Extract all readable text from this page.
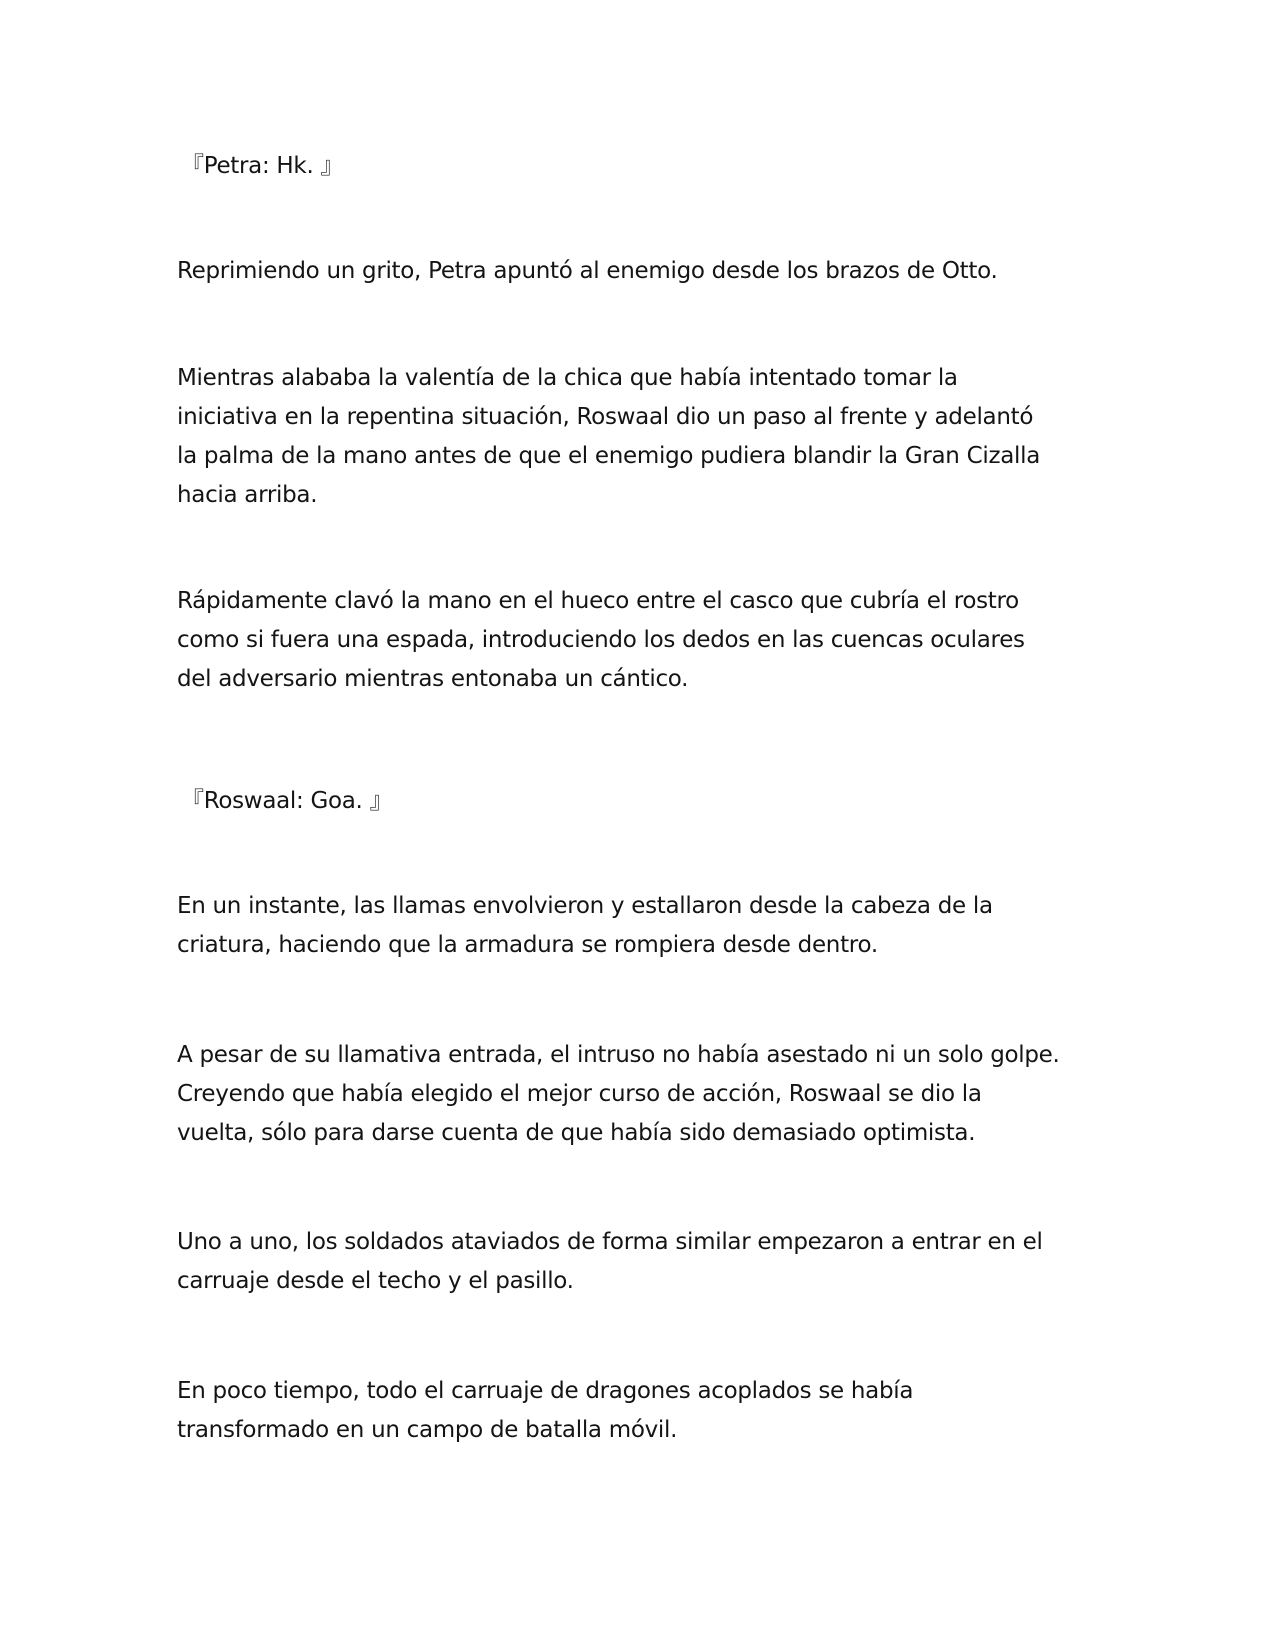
『Petra: Hk. 』

Reprimiendo un grito, Petra apuntó al enemigo desde los brazos de Otto.

Mientras alababa la valentía de la chica que había intentado tomar la
iniciativa en la repentina situación, Roswaal dio un paso al frente y adelantó
la palma de la mano antes de que el enemigo pudiera blandir la Gran Cizalla
hacia arriba.

Rápidamente clavó la mano en el hueco entre el casco que cubría el rostro
como si fuera una espada, introduciendo los dedos en las cuencas oculares
del adversario mientras entonaba un cántico.

『Roswaal: Goa. 』

En un instante, las llamas envolvieron y estallaron desde la cabeza de la
criatura, haciendo que la armadura se rompiera desde dentro.

A pesar de su llamativa entrada, el intruso no había asestado ni un solo golpe.
Creyendo que había elegido el mejor curso de acción, Roswaal se dio la
vuelta, sólo para darse cuenta de que había sido demasiado optimista.

Uno a uno, los soldados ataviados de forma similar empezaron a entrar en el
carruaje desde el techo y el pasillo.

En poco tiempo, todo el carruaje de dragones acoplados se había
transformado en un campo de batalla móvil.
